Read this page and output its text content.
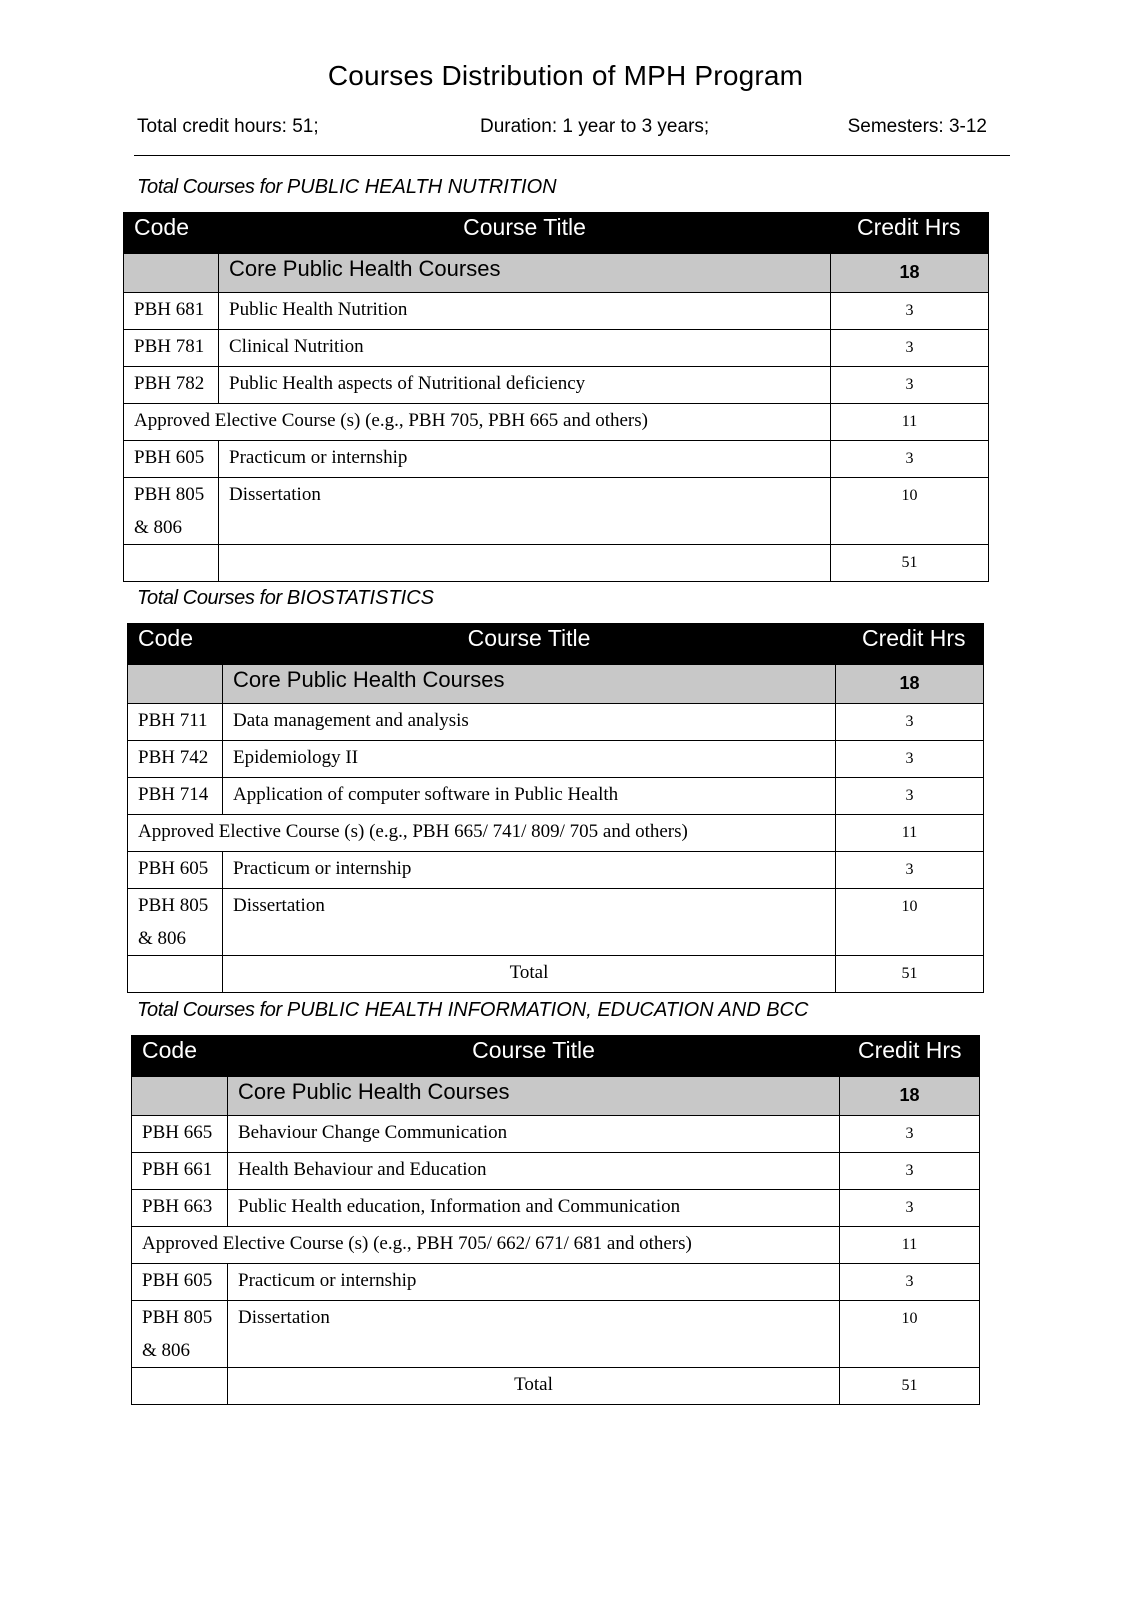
Courses Distribution of MPH Program
Total credit hours: 51;	Duration: 1 year to 3 years;	Semesters: 3-12
Total Courses for PUBLIC HEALTH NUTRITION
Code	Course Title	Credit Hrs
	Core Public Health Courses	18
PBH 681	Public Health Nutrition	3
PBH 781	Clinical Nutrition	3
PBH 782	Public Health aspects of Nutritional deficiency	3
Approved Elective Course (s) (e.g., PBH 705, PBH 665 and others)		11
PBH 605	Practicum or internship	3

PBH 805
& 806	Dissertation	10
		51
Total Courses for BIOSTATISTICS
Code	Course Title	Credit Hrs
	Core Public Health Courses	18
PBH 711	Data management and analysis	3
PBH 742	Epidemiology II	3
PBH 714	Application of computer software in Public Health	3
Approved Elective Course (s) (e.g., PBH 665/ 741/ 809/ 705 and others)		11
PBH 605	Practicum or internship	3

PBH 805
& 806	Dissertation	10
	Total	51
Total Courses for PUBLIC HEALTH INFORMATION, EDUCATION AND BCC
Code	Course Title	Credit Hrs
	Core Public Health Courses	18
PBH 665	Behaviour Change Communication	3
PBH 661	Health Behaviour and Education	3
PBH 663	Public Health education, Information and Communication	3
Approved Elective Course (s) (e.g., PBH 705/ 662/ 671/ 681 and others)		11
PBH 605	Practicum or internship	3

PBH 805
& 806	Dissertation	10
	Total	51
